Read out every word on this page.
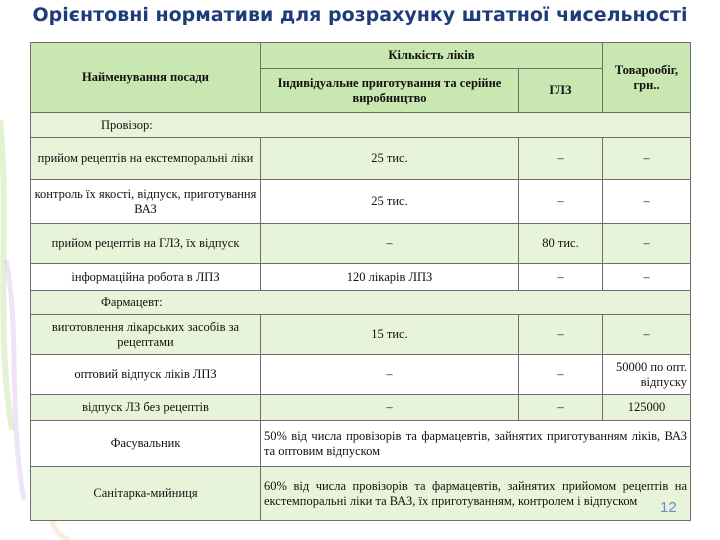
Орієнтовні нормативи для розрахунку штатної чисельності
Найменування посади	Кількість ліків		Товарообіг, грн..
	Індивідуальне приготування та серійне виробництво	ГЛЗ	
Провізор:			
прийом рецептів на екстемпоральні ліки	25 тис.	–	–
контроль їх якості, відпуск, приготування ВАЗ	25 тис.	–	–
прийом рецептів на ГЛЗ, їх відпуск	–	80 тис.	–
інформаційна робота в ЛПЗ	120 лікарів ЛПЗ	–	–
Фармацевт:			
виготовлення лікарських засобів за рецептами	15 тис.	–	–
оптовий відпуск ліків ЛПЗ	–	–	50000 по опт. відпуску
відпуск ЛЗ без рецептів	–	–	125000
Фасувальник	50% від числа провізорів та фармацевтів, зайнятих приготуванням ліків, ВАЗ та оптовим відпуском		
Санітарка-мийниця	60% від числа провізорів та фармацевтів, зайнятих прийомом рецептів на екстемпоральні ліки та ВАЗ, їх приготуванням, контролем і відпуском		12
